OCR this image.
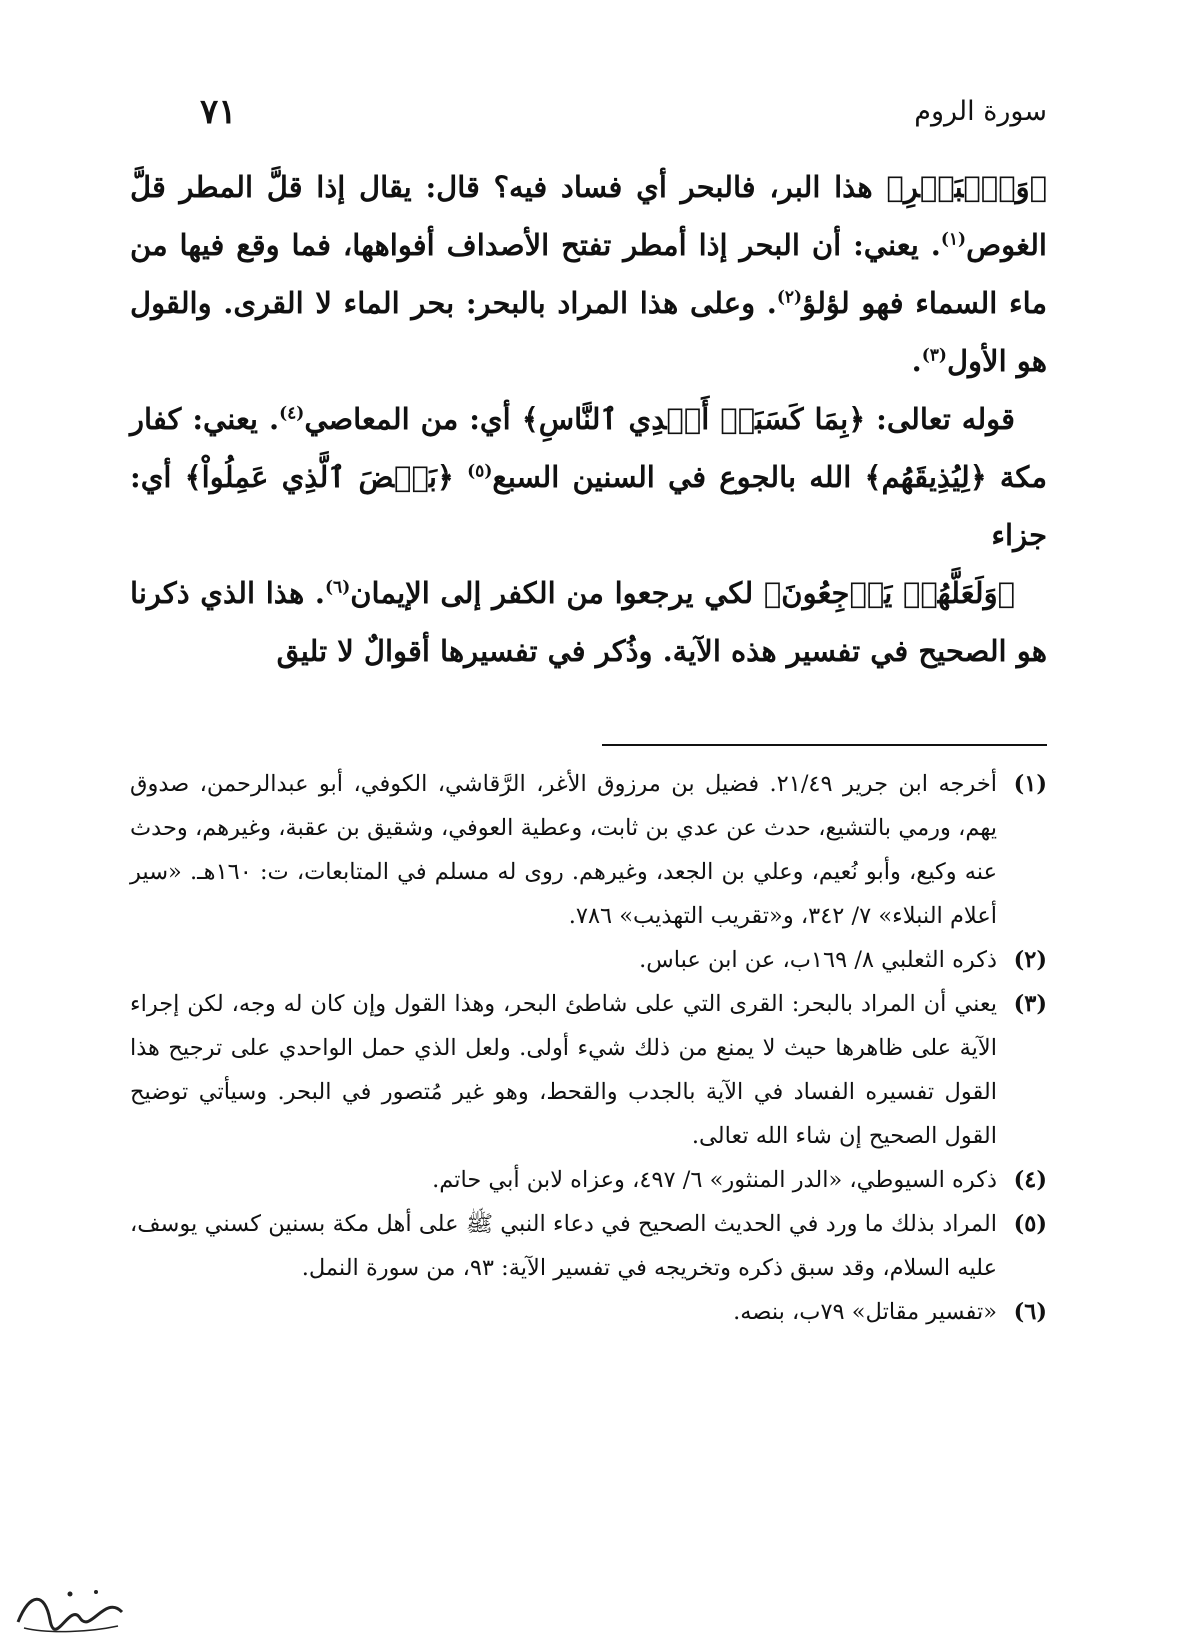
سورة الروم
٧١

﴿وَٱلۡبَحۡرِ﴾ هذا البر، فالبحر أي فساد فيه؟ قال: يقال إذا قلَّ المطر قلَّ الغوص$^{(١)}$. يعني: أن البحر إذا أمطر تفتح الأصداف أفواهها، فما وقع فيها من ماء السماء فهو لؤلؤ$^{(٢)}$. وعلى هذا المراد بالبحر: بحر الماء لا القرى. والقول هو الأول$^{(٣)}$.

قوله تعالى: ﴿بِمَا كَسَبَتۡ أَيۡدِي ٱلنَّاسِ﴾ أي: من المعاصي$^{(٤)}$. يعني: كفار مكة ﴿لِيُذِيقَهُم﴾ الله بالجوع في السنين السبع$^{(٥)}$ ﴿بَعۡضَ ٱلَّذِي عَمِلُواْ﴾ أي: جزاء

﴿وَلَعَلَّهُمۡ يَرۡجِعُونَ﴾ لكي يرجعوا من الكفر إلى الإيمان$^{(٦)}$. هذا الذي ذكرنا هو الصحيح في تفسير هذه الآية. وذُكر في تفسيرها أقوالٌ لا تليق

(١)
أخرجه ابن جرير ٢١/٤٩. فضيل بن مرزوق الأغر، الرَّقاشي، الكوفي، أبو عبدالرحمن، صدوق يهم، ورمي بالتشيع، حدث عن عدي بن ثابت، وعطية العوفي، وشقيق بن عقبة، وغيرهم، وحدث عنه وكيع، وأبو نُعيم، وعلي بن الجعد، وغيرهم. روى له مسلم في المتابعات، ت: ١٦٠هـ. «سير أعلام النبلاء» ٧/ ٣٤٢، و«تقريب التهذيب» ٧٨٦.

(٢)
ذكره الثعلبي ٨/ ١٦٩ب، عن ابن عباس.

(٣)
يعني أن المراد بالبحر: القرى التي على شاطئ البحر، وهذا القول وإن كان له وجه، لكن إجراء الآية على ظاهرها حيث لا يمنع من ذلك شيء أولى. ولعل الذي حمل الواحدي على ترجيح هذا القول تفسيره الفساد في الآية بالجدب والقحط، وهو غير مُتصور في البحر. وسيأتي توضيح القول الصحيح إن شاء الله تعالى.

(٤)
ذكره السيوطي، «الدر المنثور» ٦/ ٤٩٧، وعزاه لابن أبي حاتم.

(٥)
المراد بذلك ما ورد في الحديث الصحيح في دعاء النبي ﷺ على أهل مكة بسنين كسني يوسف، عليه السلام، وقد سبق ذكره وتخريجه في تفسير الآية: ٩٣، من سورة النمل.

(٦)
«تفسير مقاتل» ٧٩ب، بنصه.
